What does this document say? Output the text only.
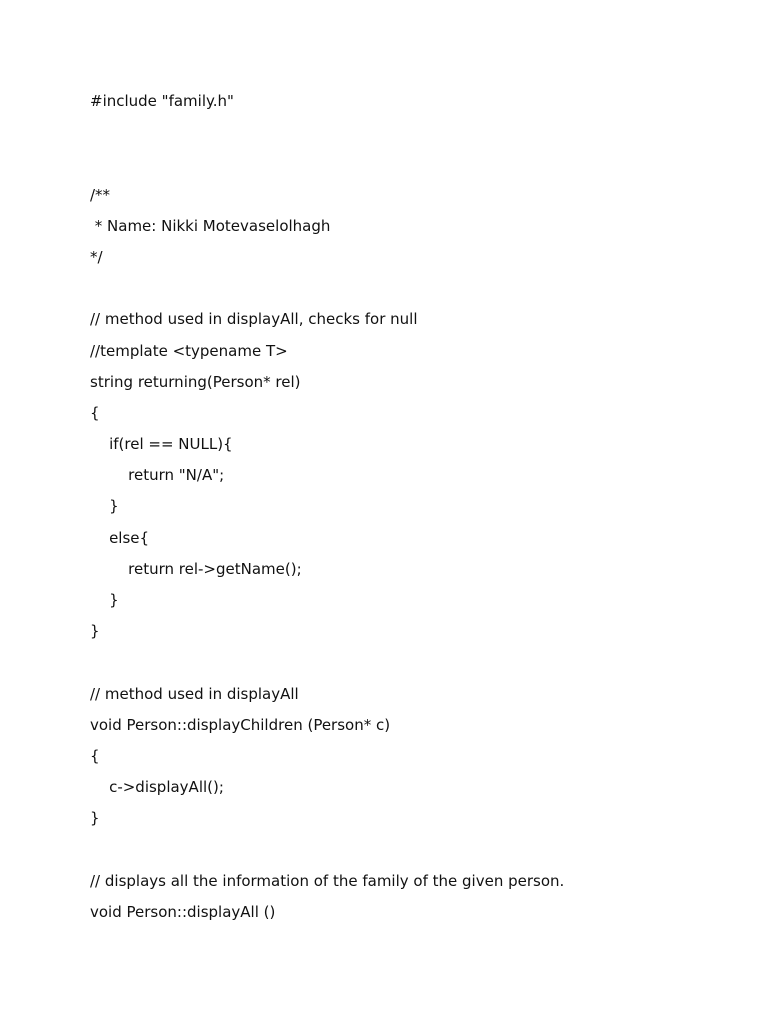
#include "family.h"
/**
* Name: Nikki Motevaselolhagh
*/
// method used in displayAll, checks for null
//template <typename T>
string returning(Person* rel)
{
if(rel == NULL){
return "N/A";
}
else{
return rel->getName();
}
}
// method used in displayAll
void Person::displayChildren (Person* c)
{
c->displayAll();
}
// displays all the information of the family of the given person.
void Person::displayAll ()
